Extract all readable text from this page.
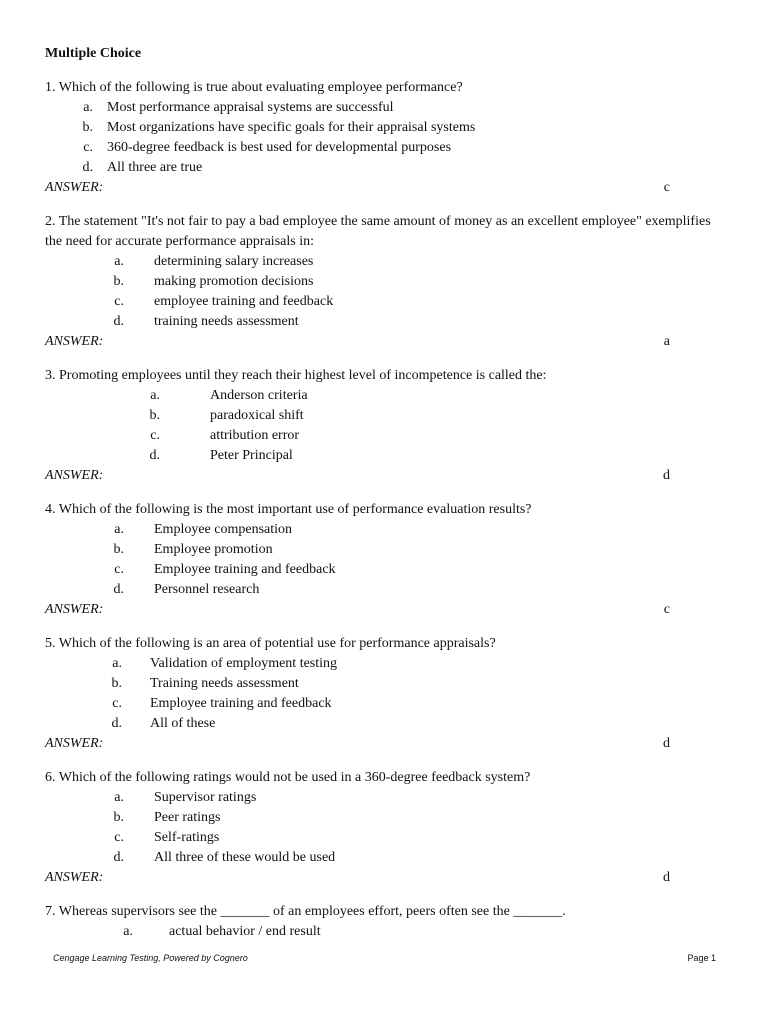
Multiple Choice
1. Which of the following is true about evaluating employee performance?
a. Most performance appraisal systems are successful
b. Most organizations have specific goals for their appraisal systems
c. 360-degree feedback is best used for developmental purposes
d. All three are true
ANSWER:	c
2. The statement "It's not fair to pay a bad employee the same amount of money as an excellent employee" exemplifies the need for accurate performance appraisals in:
a. determining salary increases
b. making promotion decisions
c. employee training and feedback
d. training needs assessment
ANSWER:	a
3. Promoting employees until they reach their highest level of incompetence is called the:
a.	Anderson criteria
b.	paradoxical shift
c.	attribution error
d.	Peter Principal
ANSWER:	d
4. Which of the following is the most important use of performance evaluation results?
a. Employee compensation
b. Employee promotion
c. Employee training and feedback
d. Personnel research
ANSWER:	c
5. Which of the following is an area of potential use for performance appraisals?
a. Validation of employment testing
b. Training needs assessment
c. Employee training and feedback
d. All of these
ANSWER:	d
6. Which of the following ratings would not be used in a 360-degree feedback system?
a. Supervisor ratings
b. Peer ratings
c. Self-ratings
d. All three of these would be used
ANSWER:	d
7. Whereas supervisors see the _______ of an employees effort, peers often see the _______.
a.	actual behavior / end result
Cengage Learning Testing, Powered by Cognero	Page 1
